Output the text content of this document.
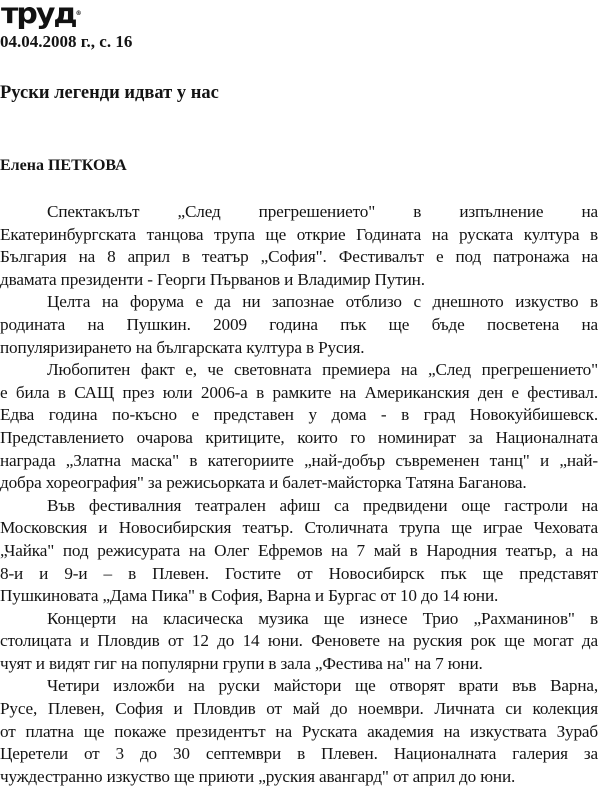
труд®
04.04.2008 г., с. 16
Руски легенди идват у нас
Елена ПЕТКОВА

Спектакълът „След прегрешението" в изпълнение на
Екатеринбургската танцова трупа ще открие Годината на руската култура в
България на 8 април в театър „София". Фестивалът е под патронажа на
двамата президенти - Георги Първанов и Владимир Путин.

Целта на форума е да ни запознае отблизо с днешното изкуство в
родината на Пушкин. 2009 година пък ще бъде посветена на
популяризирането на българската култура в Русия.

Любопитен факт е, че световната премиера на „След прегрешението"
е била в САЩ през юли 2006-а в рамките на Американския ден е фестивал.
Едва година по-късно е представен у дома - в град Новокуйбишевск.
Представлението очарова критиците, които го номинират за Националната
награда „Златна маска" в категориите „най-добър съвременен танц" и „най-
добра хореография" за режисьорката и балет-майсторка Татяна Баганова.

Във фестивалния театрален афиш са предвидени още гастроли на
Московския и Новосибирския театър. Столичната трупа ще играе Чеховата
„Чайка" под режисурата на Олег Ефремов на 7 май в Народния театър, а на
8-и и 9-и – в Плевен. Гостите от Новосибирск пък ще представят
Пушкиновата „Дама Пика" в София, Варна и Бургас от 10 до 14 юни.

Концерти на класическа музика ще изнесе Трио „Рахманинов" в
столицата и Пловдив от 12 до 14 юни. Феновете на руския рок ще могат да
чуят и видят гиг на популярни групи в зала „Фестива на" на 7 юни.

Четири изложби на руски майстори ще отворят врати във Варна,
Русе, Плевен, София и Пловдив от май до ноември. Личната си колекция
от платна ще покаже президентът на Руската академия на изкуствата Зураб
Церетели от 3 до 30 септември в Плевен. Националната галерия за
чуждестранно изкуство ще приюти „руския авангард" от април до юни.
